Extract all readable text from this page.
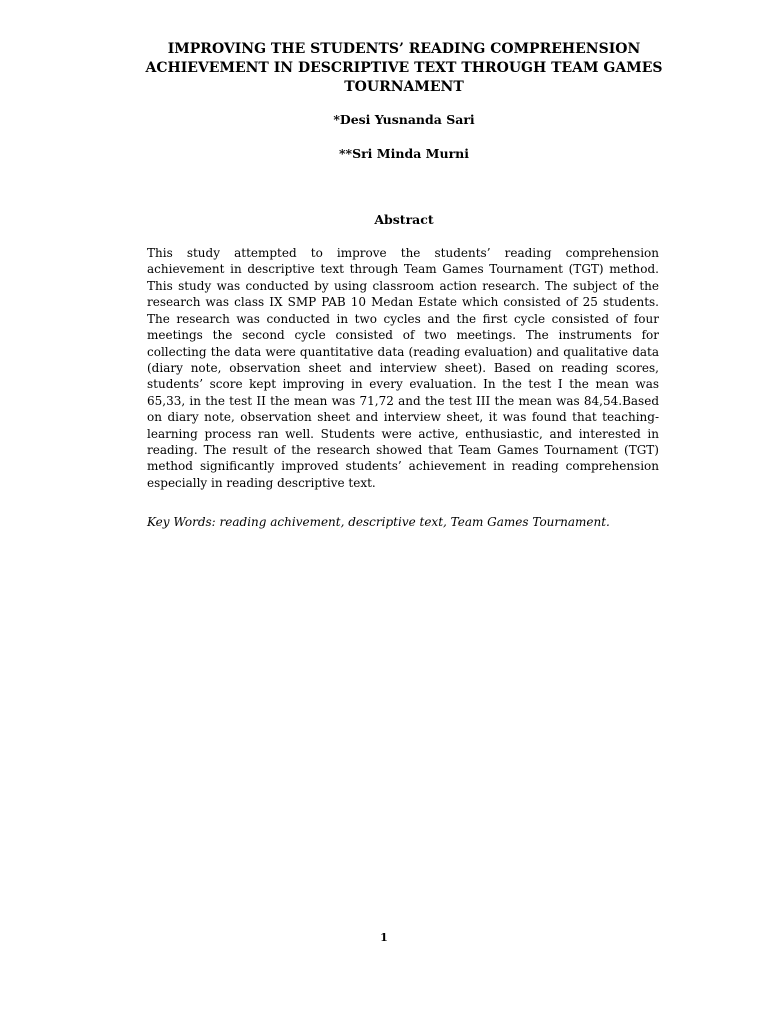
IMPROVING THE STUDENTS’ READING COMPREHENSION
ACHIEVEMENT IN DESCRIPTIVE TEXT THROUGH TEAM GAMES
TOURNAMENT
*Desi Yusnanda Sari
**Sri Minda Murni
Abstract
This study attempted to improve the students’ reading comprehension
achievement in descriptive text through Team Games Tournament (TGT) method.
This study was conducted by using classroom action research. The subject of the
research was class IX SMP PAB 10 Medan Estate which consisted of 25 students.
The research was conducted in two cycles and the first cycle consisted of four
meetings the second cycle consisted of two meetings. The instruments for
collecting the data were quantitative data (reading evaluation) and qualitative data
(diary note, observation sheet and interview sheet). Based on reading scores,
students’ score kept improving in every evaluation. In the test I the mean was
65,33, in the test II the mean was 71,72 and the test III the mean was 84,54.Based
on diary note, observation sheet and interview sheet, it was found that teaching-
learning process ran well. Students were active, enthusiastic, and interested in
reading. The result of the research showed that Team Games Tournament (TGT)
method significantly improved students’ achievement in reading comprehension
especially in reading descriptive text.
Key Words: reading achivement, descriptive text, Team Games Tournament.
1
